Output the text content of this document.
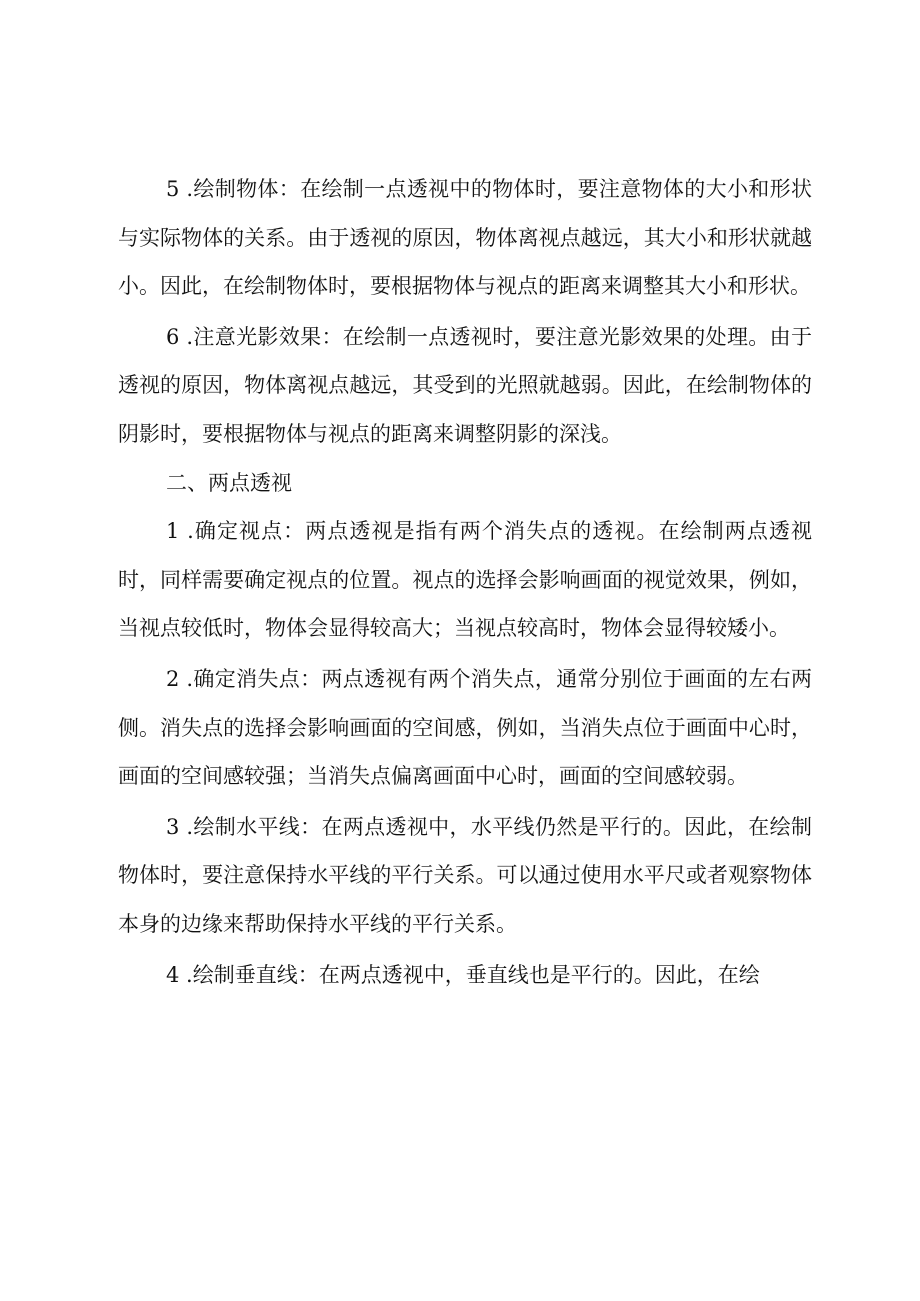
5 .绘制物体：在绘制一点透视中的物体时，要注意物体的大小和形状与实际物体的关系。由于透视的原因，物体离视点越远，其大小和形状就越小。因此，在绘制物体时，要根据物体与视点的距离来调整其大小和形状。

6 .注意光影效果：在绘制一点透视时，要注意光影效果的处理。由于透视的原因，物体离视点越远，其受到的光照就越弱。因此，在绘制物体的阴影时，要根据物体与视点的距离来调整阴影的深浅。

二、两点透视

1 .确定视点：两点透视是指有两个消失点的透视。在绘制两点透视时，同样需要确定视点的位置。视点的选择会影响画面的视觉效果，例如，当视点较低时，物体会显得较高大；当视点较高时，物体会显得较矮小。

2 .确定消失点：两点透视有两个消失点，通常分别位于画面的左右两侧。消失点的选择会影响画面的空间感，例如，当消失点位于画面中心时，画面的空间感较强；当消失点偏离画面中心时，画面的空间感较弱。

3 .绘制水平线：在两点透视中，水平线仍然是平行的。因此，在绘制物体时，要注意保持水平线的平行关系。可以通过使用水平尺或者观察物体本身的边缘来帮助保持水平线的平行关系。

4 .绘制垂直线：在两点透视中，垂直线也是平行的。因此，在绘
